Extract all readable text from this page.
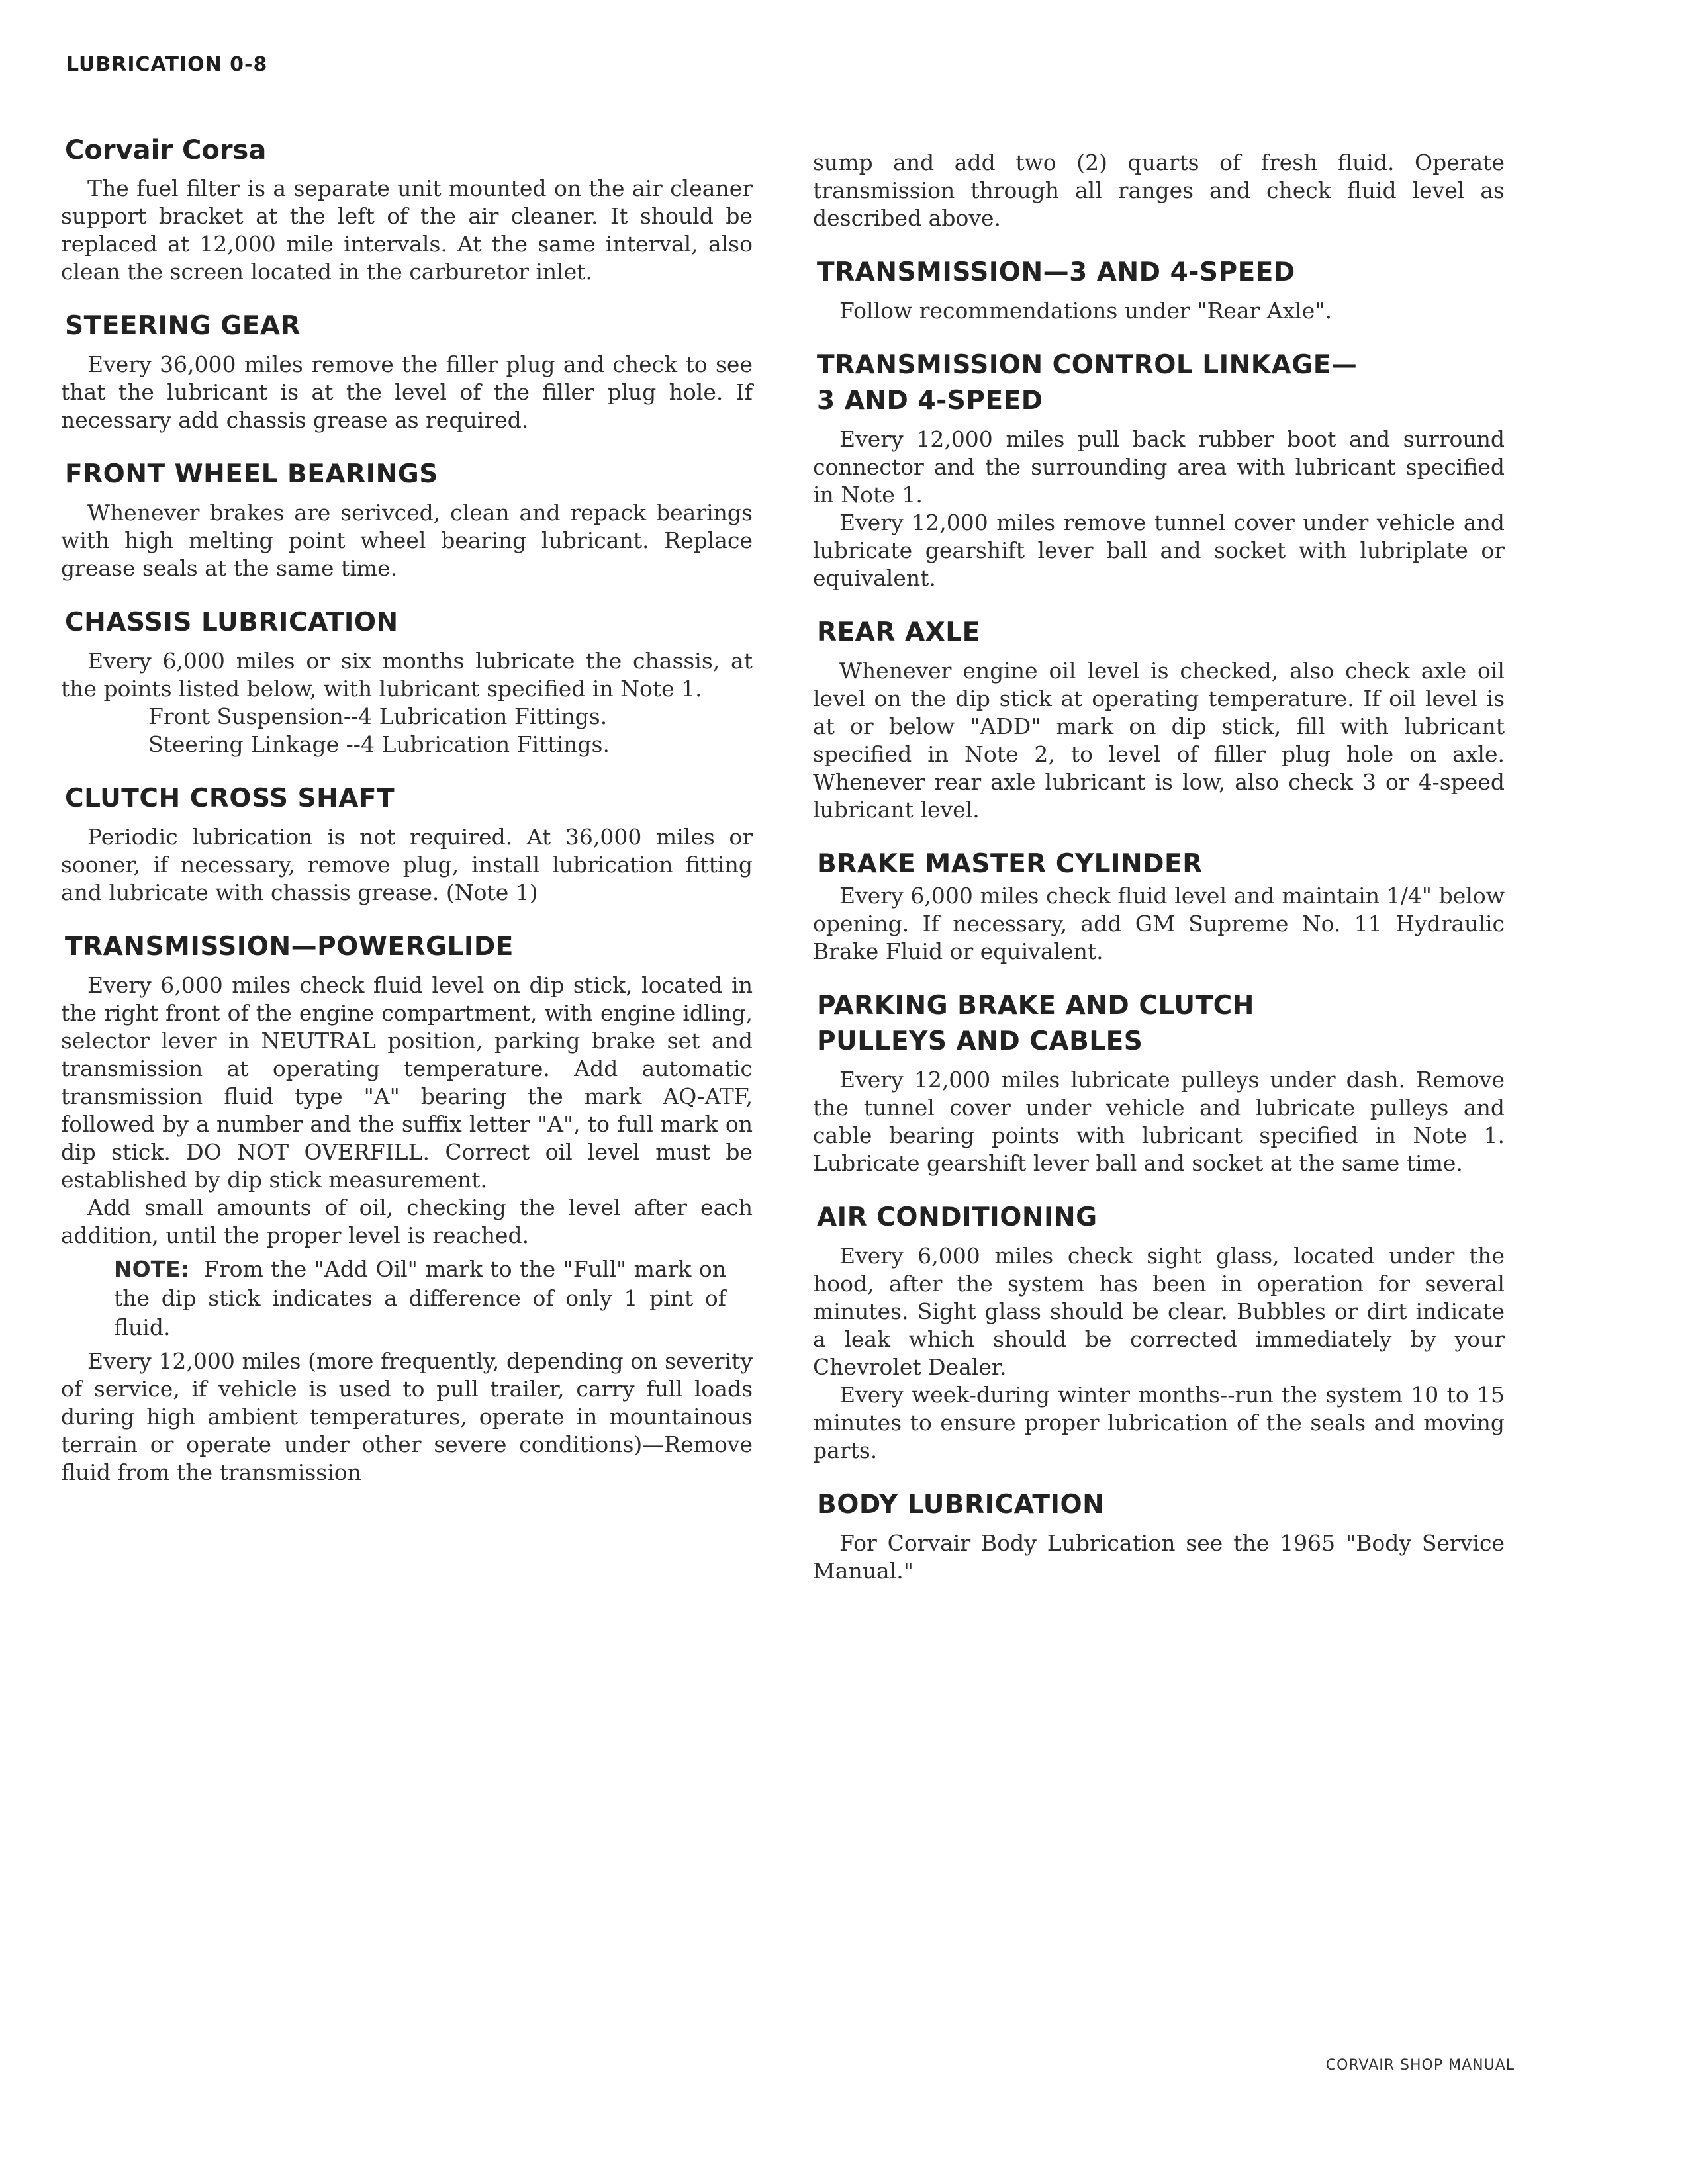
LUBRICATION 0-8
Corvair Corsa

The fuel filter is a separate unit mounted on the air cleaner support bracket at the left of the air cleaner. It should be replaced at 12,000 mile intervals. At the same interval, also clean the screen located in the carburetor inlet.

STEERING GEAR

Every 36,000 miles remove the filler plug and check to see that the lubricant is at the level of the filler plug hole. If necessary add chassis grease as required.

FRONT WHEEL BEARINGS

Whenever brakes are serivced, clean and repack bearings with high melting point wheel bearing lubricant. Replace grease seals at the same time.

CHASSIS LUBRICATION

Every 6,000 miles or six months lubricate the chassis, at the points listed below, with lubricant specified in Note 1.

Front Suspension--4 Lubrication Fittings.
Steering Linkage --4 Lubrication Fittings.
CLUTCH CROSS SHAFT

Periodic lubrication is not required. At 36,000 miles or sooner, if necessary, remove plug, install lubrication fitting and lubricate with chassis grease. (Note 1)

TRANSMISSION—POWERGLIDE

Every 6,000 miles check fluid level on dip stick, located in the right front of the engine compartment, with engine idling, selector lever in NEUTRAL position, parking brake set and transmission at operating temperature. Add automatic transmission fluid type "A" bearing the mark AQ-ATF, followed by a number and the suffix letter "A", to full mark on dip stick. DO NOT OVERFILL. Correct oil level must be established by dip stick measurement.

Add small amounts of oil, checking the level after each addition, until the proper level is reached.

NOTE: From the "Add Oil" mark to the "Full" mark on the dip stick indicates a difference of only 1 pint of fluid.

Every 12,000 miles (more frequently, depending on severity of service, if vehicle is used to pull trailer, carry full loads during high ambient temperatures, operate in mountainous terrain or operate under other severe conditions)—Remove fluid from the transmission

sump and add two (2) quarts of fresh fluid. Operate transmission through all ranges and check fluid level as described above.

TRANSMISSION—3 AND 4-SPEED

Follow recommendations under "Rear Axle".

TRANSMISSION CONTROL LINKAGE—
3 AND 4-SPEED

Every 12,000 miles pull back rubber boot and surround connector and the surrounding area with lubricant specified in Note 1.

Every 12,000 miles remove tunnel cover under vehicle and lubricate gearshift lever ball and socket with lubriplate or equivalent.

REAR AXLE

Whenever engine oil level is checked, also check axle oil level on the dip stick at operating temperature. If oil level is at or below "ADD" mark on dip stick, fill with lubricant specified in Note 2, to level of filler plug hole on axle. Whenever rear axle lubricant is low, also check 3 or 4-speed lubricant level.

BRAKE MASTER CYLINDER

Every 6,000 miles check fluid level and maintain 1/4" below opening. If necessary, add GM Supreme No. 11 Hydraulic Brake Fluid or equivalent.

PARKING BRAKE AND CLUTCH
PULLEYS AND CABLES

Every 12,000 miles lubricate pulleys under dash. Remove the tunnel cover under vehicle and lubricate pulleys and cable bearing points with lubricant specified in Note 1. Lubricate gearshift lever ball and socket at the same time.

AIR CONDITIONING

Every 6,000 miles check sight glass, located under the hood, after the system has been in operation for several minutes. Sight glass should be clear. Bubbles or dirt indicate a leak which should be corrected immediately by your Chevrolet Dealer.

Every week-during winter months--run the system 10 to 15 minutes to ensure proper lubrication of the seals and moving parts.

BODY LUBRICATION

For Corvair Body Lubrication see the 1965 "Body Service Manual."

CORVAIR SHOP MANUAL
